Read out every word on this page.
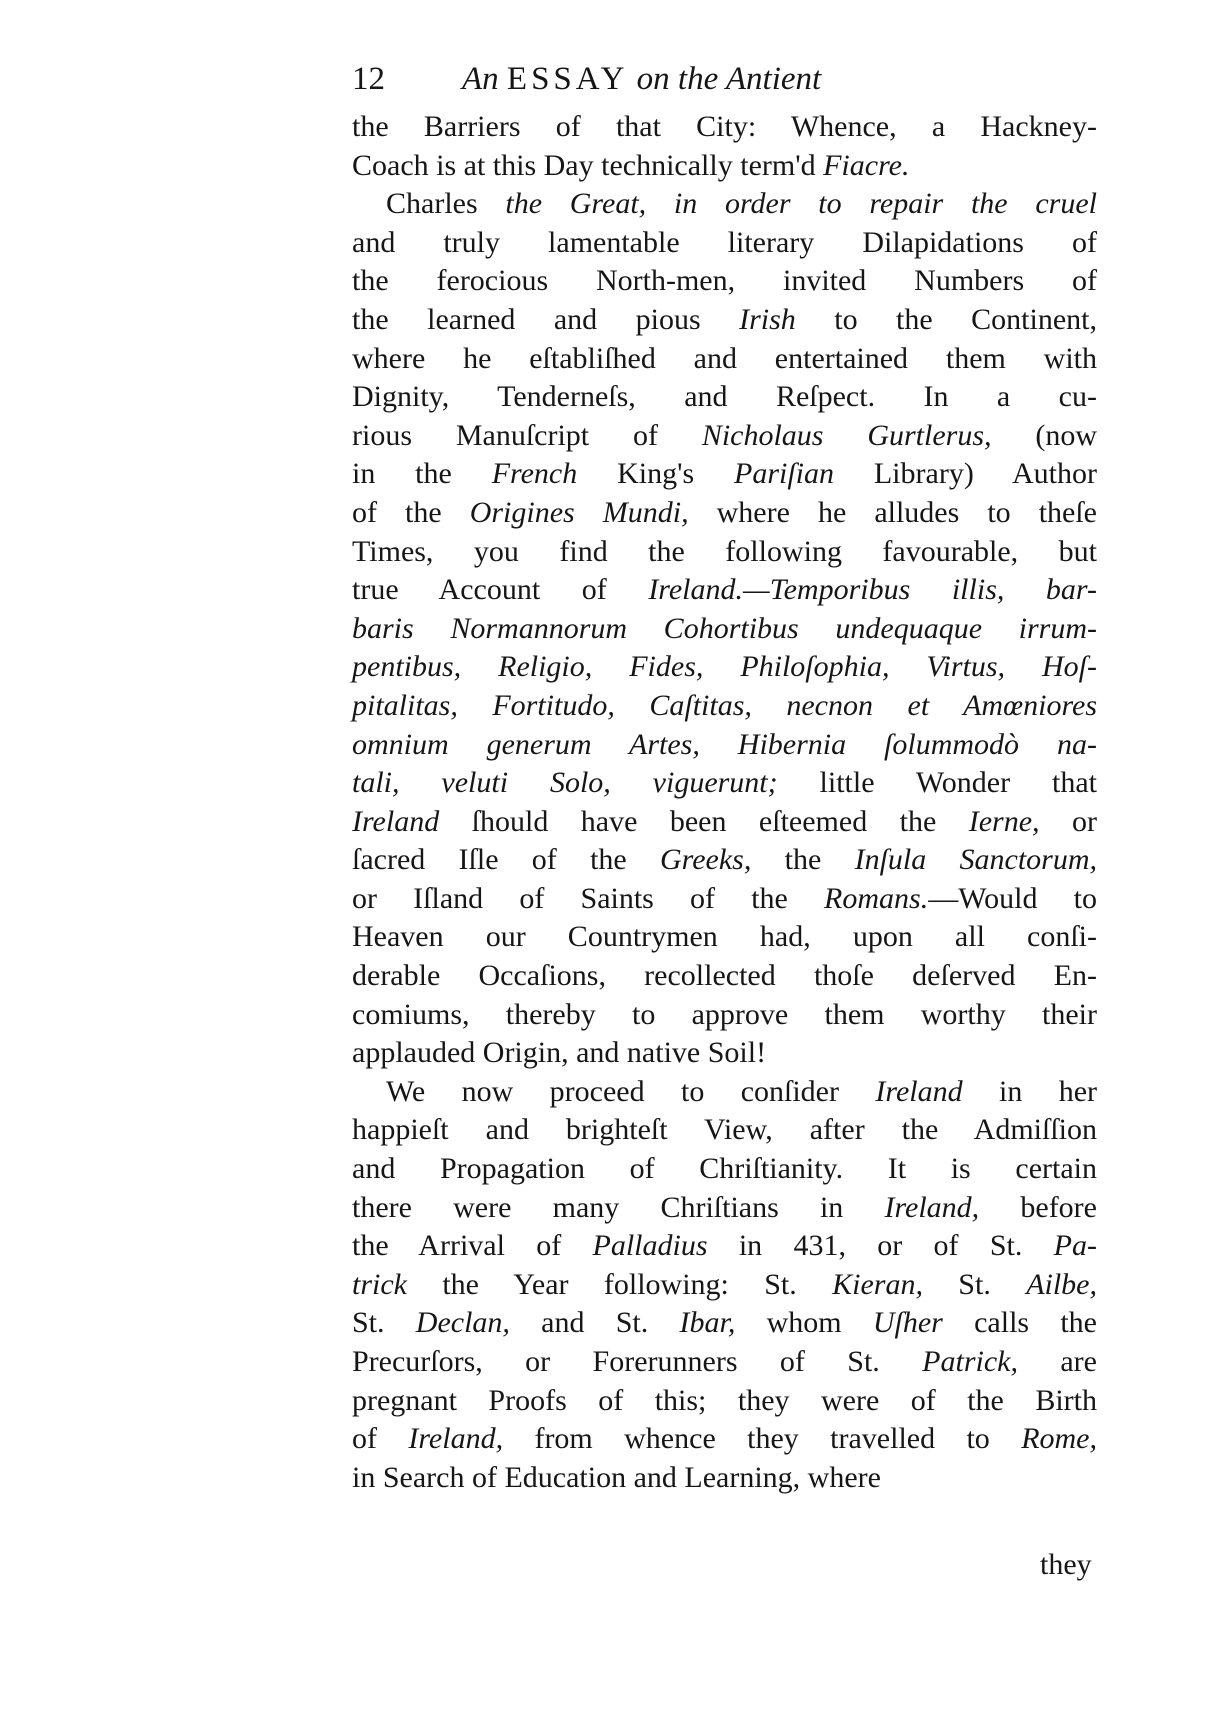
12 An ESSAY on the Antient
the Barriers of that City: Whence, a Hackney-
Coach is at this Day technically term'd Fiacre.
Charles the Great, in order to repair the cruel
and truly lamentable literary Dilapidations of
the ferocious North-men, invited Numbers of
the learned and pious Irish to the Continent,
where he eſtabliſhed and entertained them with
Dignity, Tenderneſs, and Reſpect. In a cu-
rious Manuſcript of Nicholaus Gurtlerus, (now
in the French King's Pariſian Library) Author
of the Origines Mundi, where he alludes to theſe
Times, you find the following favourable, but
true Account of Ireland.—Temporibus illis, bar-
baris Normannorum Cohortibus undequaque irrum-
pentibus, Religio, Fides, Philoſophia, Virtus, Hoſ-
pitalitas, Fortitudo, Caſtitas, necnon et Amœniores
omnium generum Artes, Hibernia ſolummodò na-
tali, veluti Solo, viguerunt; little Wonder that
Ireland ſhould have been eſteemed the Ierne, or
ſacred Iſle of the Greeks, the Inſula Sanctorum,
or Iſland of Saints of the Romans.—Would to
Heaven our Countrymen had, upon all conſi-
derable Occaſions, recollected thoſe deſerved En-
comiums, thereby to approve them worthy their
applauded Origin, and native Soil!
We now proceed to conſider Ireland in her
happieſt and brighteſt View, after the Admiſſion
and Propagation of Chriſtianity. It is certain
there were many Chriſtians in Ireland, before
the Arrival of Palladius in 431, or of St. Pa-
trick the Year following: St. Kieran, St. Ailbe,
St. Declan, and St. Ibar, whom Uſher calls the
Precurſors, or Forerunners of St. Patrick, are
pregnant Proofs of this; they were of the Birth
of Ireland, from whence they travelled to Rome,
in Search of Education and Learning, where
they
